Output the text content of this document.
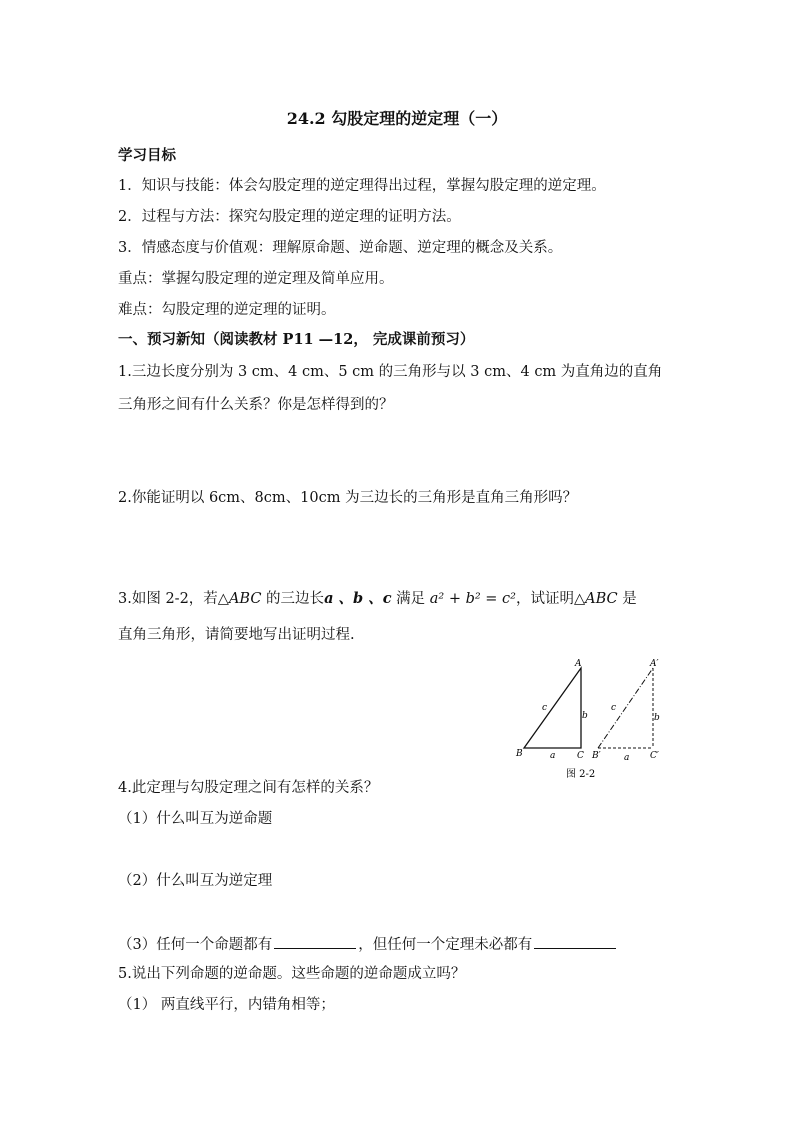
24.2 勾股定理的逆定理（一）
学习目标
1．知识与技能：体会勾股定理的逆定理得出过程，掌握勾股定理的逆定理。
2．过程与方法：探究勾股定理的逆定理的证明方法。
3．情感态度与价值观：理解原命题、逆命题、逆定理的概念及关系。
重点：掌握勾股定理的逆定理及简单应用。
难点：勾股定理的逆定理的证明。
一、预习新知（阅读教材 P11 —12， 完成课前预习）
1.三边长度分别为 3 cm、4 cm、5 cm 的三角形与以 3 cm、4 cm 为直角边的直角
三角形之间有什么关系？你是怎样得到的？
2.你能证明以 6cm、8cm、10cm 为三边长的三角形是直角三角形吗？
3.如图 2-2，若△ABC 的三边长a 、b 、c 满足 a² + b² = c²，试证明△ABC 是
直角三角形，请简要地写出证明过程.
A
B	C
a
b
c
A′
B′	C′
a
b
c
图 2-2
4.此定理与勾股定理之间有怎样的关系？
（1）什么叫互为逆命题
（2）什么叫互为逆定理
（3）任何一个命题都有	，但任何一个定理未必都有
5.说出下列命题的逆命题。这些命题的逆命题成立吗？
（1） 两直线平行，内错角相等；
